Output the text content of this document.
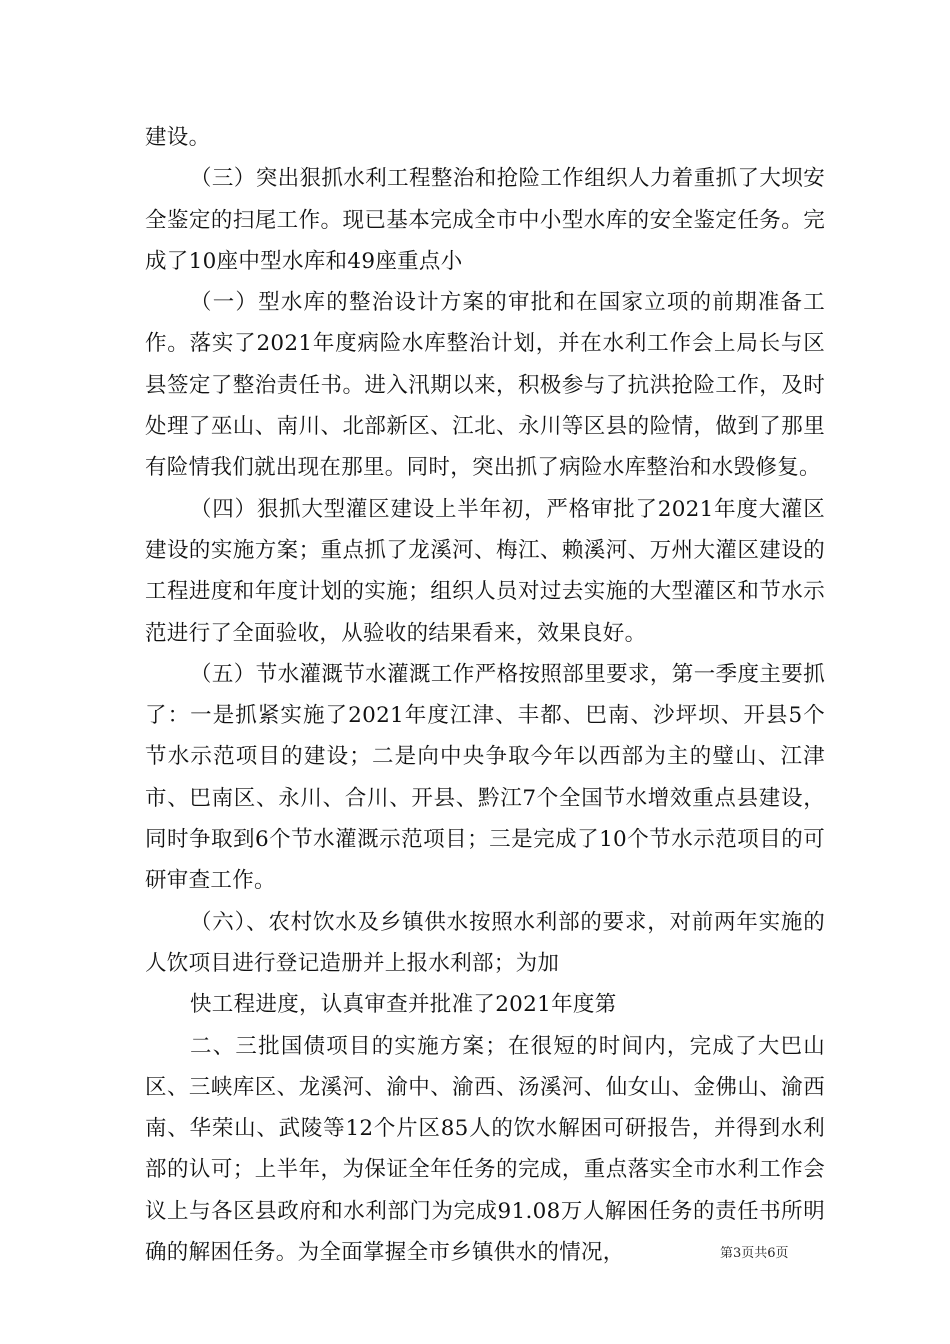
建设。

（三）突出狠抓水利工程整治和抢险工作组织人力着重抓了大坝安全鉴定的扫尾工作。现已基本完成全市中小型水库的安全鉴定任务。完成了10座中型水库和49座重点小

（一）型水库的整治设计方案的审批和在国家立项的前期准备工作。落实了2021年度病险水库整治计划，并在水利工作会上局长与区县签定了整治责任书。进入汛期以来，积极参与了抗洪抢险工作，及时处理了巫山、南川、北部新区、江北、永川等区县的险情，做到了那里有险情我们就出现在那里。同时，突出抓了病险水库整治和水毁修复。

（四）狠抓大型灌区建设上半年初，严格审批了2021年度大灌区建设的实施方案；重点抓了龙溪河、梅江、赖溪河、万州大灌区建设的工程进度和年度计划的实施；组织人员对过去实施的大型灌区和节水示范进行了全面验收，从验收的结果看来，效果良好。

（五）节水灌溉节水灌溉工作严格按照部里要求，第一季度主要抓了：一是抓紧实施了2021年度江津、丰都、巴南、沙坪坝、开县5个节水示范项目的建设；二是向中央争取今年以西部为主的璧山、江津市、巴南区、永川、合川、开县、黔江7个全国节水增效重点县建设，同时争取到6个节水灌溉示范项目；三是完成了10个节水示范项目的可研审查工作。

（六）、农村饮水及乡镇供水按照水利部的要求，对前两年实施的人饮项目进行登记造册并上报水利部；为加

快工程进度，认真审查并批准了2021年度第

二、三批国债项目的实施方案；在很短的时间内，完成了大巴山区、三峡库区、龙溪河、渝中、渝西、汤溪河、仙女山、金佛山、渝西南、华荣山、武陵等12个片区85人的饮水解困可研报告，并得到水利部的认可；上半年，为保证全年任务的完成，重点落实全市水利工作会议上与各区县政府和水利部门为完成91.08万人解困任务的责任书所明确的解困任务。为全面掌握全市乡镇供水的情况，	第3页共6页
